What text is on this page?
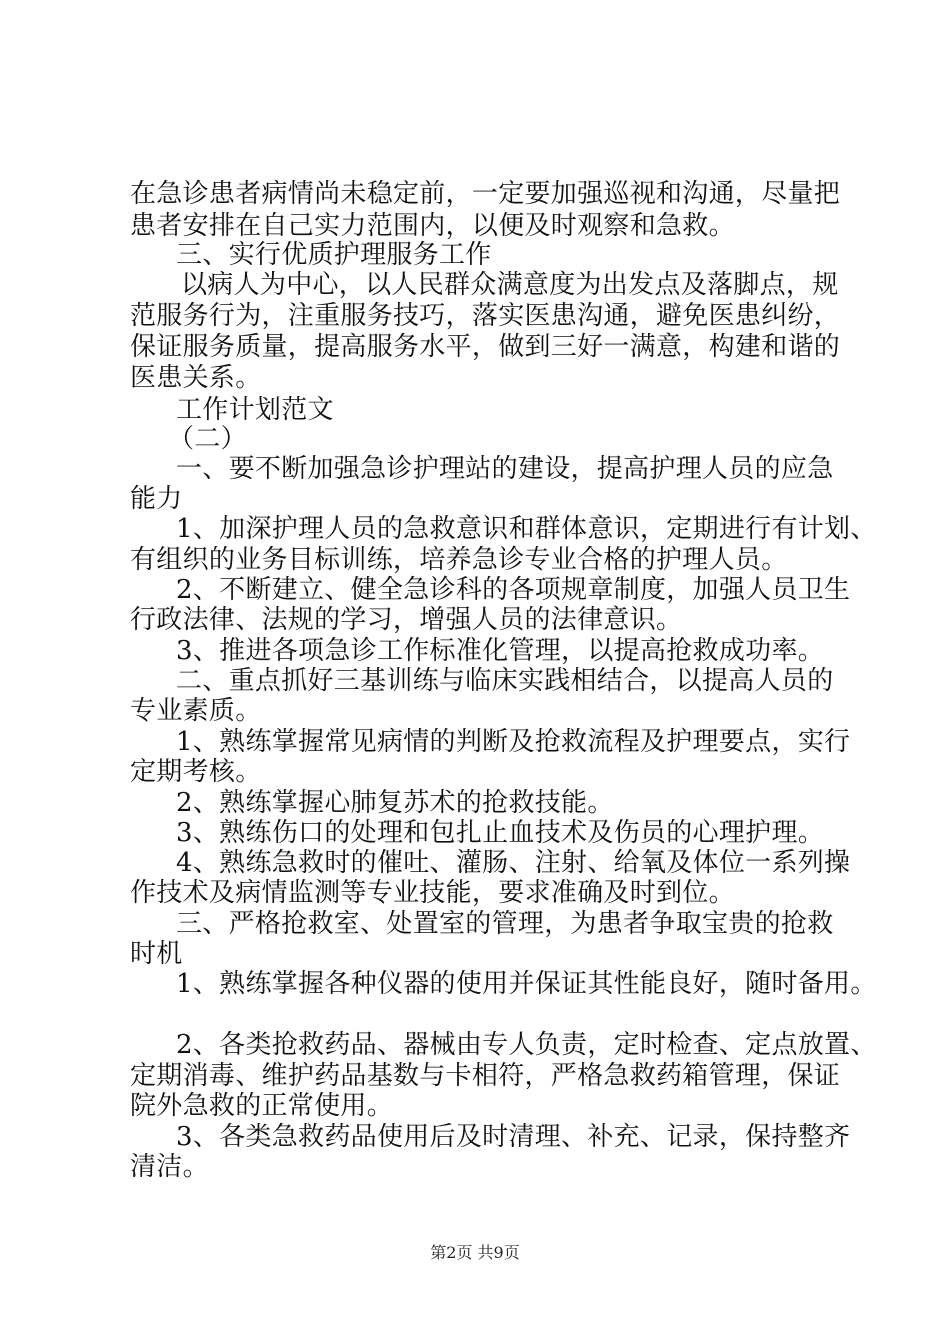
在急诊患者病情尚未稳定前，一定要加强巡视和沟通，尽量把
患者安排在自己实力范围内，以便及时观察和急救。
三、实行优质护理服务工作
以病人为中心，以人民群众满意度为出发点及落脚点，规
范服务行为，注重服务技巧，落实医患沟通，避免医患纠纷，
保证服务质量，提高服务水平，做到三好一满意，构建和谐的
医患关系。
工作计划范文
（二）
一、要不断加强急诊护理站的建设，提高护理人员的应急
能力
1、加深护理人员的急救意识和群体意识，定期进行有计划、
有组织的业务目标训练，培养急诊专业合格的护理人员。
2、不断建立、健全急诊科的各项规章制度，加强人员卫生
行政法律、法规的学习，增强人员的法律意识。
3、推进各项急诊工作标准化管理，以提高抢救成功率。
二、重点抓好三基训练与临床实践相结合，以提高人员的
专业素质。
1、熟练掌握常见病情的判断及抢救流程及护理要点，实行
定期考核。
2、熟练掌握心肺复苏术的抢救技能。
3、熟练伤口的处理和包扎止血技术及伤员的心理护理。
4、熟练急救时的催吐、灌肠、注射、给氧及体位一系列操
作技术及病情监测等专业技能，要求准确及时到位。
三、严格抢救室、处置室的管理，为患者争取宝贵的抢救
时机
1、熟练掌握各种仪器的使用并保证其性能良好，随时备用。
2、各类抢救药品、器械由专人负责，定时检查、定点放置、
定期消毒、维护药品基数与卡相符，严格急救药箱管理，保证
院外急救的正常使用。
3、各类急救药品使用后及时清理、补充、记录，保持整齐
清洁。
第2页 共9页
